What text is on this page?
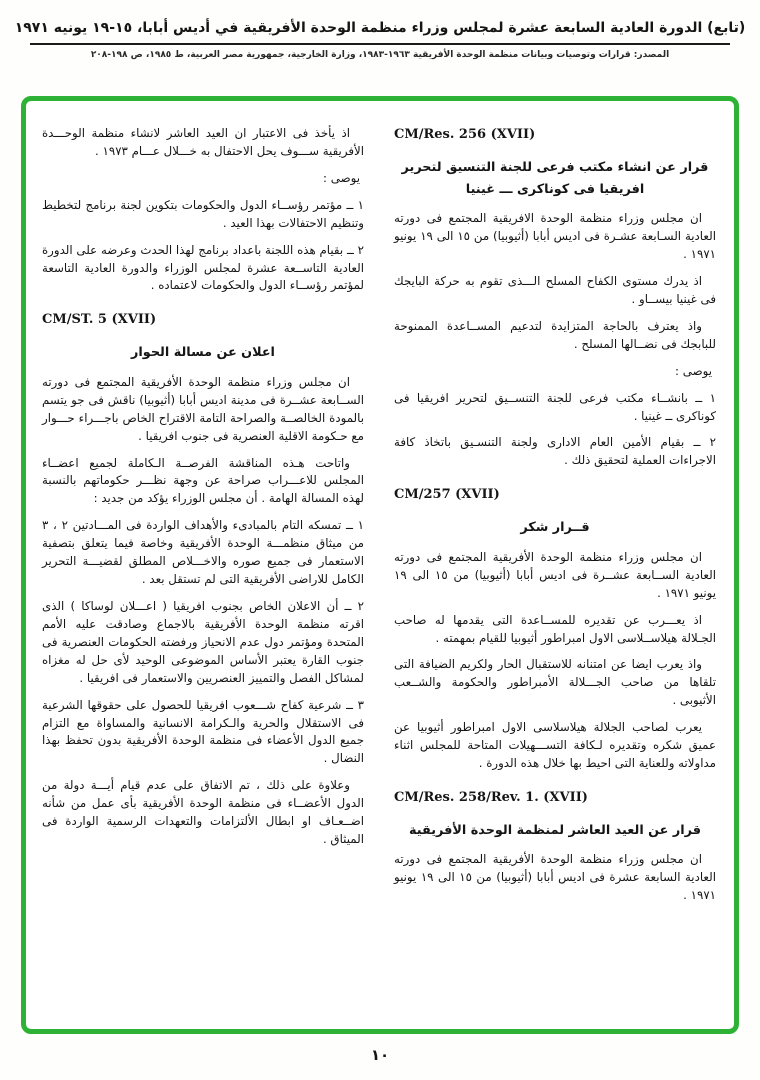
(تابع) الدورة العادية السابعة عشرة لمجلس وزراء منظمة الوحدة الأفريقية في أديس أبابا، ١٥-١٩ يونيه ١٩٧١
المصدر: قرارات وتوصيات وبيانات منظمة الوحدة الأفريقية ١٩٦٣-١٩٨٣، وزارة الخارجية، جمهورية مصر العربية، ط ١٩٨٥، ص ١٩٨-٢٠٨
CM/Res. 256 (XVII)
قرار عن انشاء مكتب فرعى للجنة التنسيق لتحرير افريقيا فى كوناكرى ـــ غينيا
ان مجلس وزراء منظمة الوحدة الافريقية المجتمع فى دورته العادية السـابعة عشـرة فى اديس أبابا (أثيوبيا) من ١٥ الى ١٩ يونيو ١٩٧١ .
اذ يدرك مستوى الكفاح المسلح الـــذى تقوم به حركة البايجك فى غينيا بيســاو .
واذ يعترف بالحاجة المتزايدة لتدعيم المســاعدة الممنوحة للبابجك فى نضــالها المسلح .
يوصى :
١ ــ بانشــاء مكتب فرعى للجنة التنســيق لتحرير افريقيا فى كوناكرى ــ غينيا .
٢ ــ بقيام الأمين العام الادارى ولجنة التنسـيق باتخاذ كافة الاجراءات العملية لتحقيق ذلك .
CM/257 (XVII)
قــرار شكر
ان مجلس وزراء منظمة الوحدة الأفريقية المجتمع فى دورته العادية الســابعة عشــرة فى اديس أبابا (أثيوبيا) من ١٥ الى ١٩ يونيو ١٩٧١ .
اذ يعـــرب عن تقديره للمســاعدة التى يقدمها له صاحب الجـلالة هيلاســلاسى الاول امبراطور أثيوبيا للقيام بمهمته .
واذ يعرب ايضا عن امتنانه للاستقبال الحار ولكريم الضيافة التى تلقاها من صاحب الجـــلالة الأمبراطور والحكومة والشــعب الأثيوبى .
يعرب لصاحب الجلالة هيلاسلاسى الاول امبراطور أثيوبيا عن عميق شكره وتقديره لـكافة التســـهيلات المتاحة للمجلس اثناء مداولاته وللعناية التى احيط بها خلال هذه الدورة .
CM/Res. 258/Rev. 1. (XVII)
قرار عن العيد العاشر لمنظمة الوحدة الأفريقية
ان مجلس وزراء منظمة الوحدة الأفريقية المجتمع فى دورته العادية السابعة عشرة فى اديس أبابا (أثيوبيا) من ١٥ الى ١٩ يونيو ١٩٧١ .
اذ يأخذ فى الاعتبار ان العيد العاشر لانشاء منظمة الوحـــدة الأفريقية ســـوف يحل الاحتفال به خـــلال عـــام ١٩٧٣ .
يوصى :
١ ــ مؤتمر رؤســاء الدول والحكومات بتكوين لجنة برنامج لتخطيط وتنظيم الاحتفالات بهذا العيد .
٢ ــ بقيام هذه اللجنة باعداد برنامج لهذا الحدث وعرضه على الدورة العادية التاســعة عشرة لمجلس الوزراء والدورة العادية التاسعة لمؤتمر رؤســاء الدول والحكومات لاعتماده .
CM/ST. 5 (XVII)
اعلان عن مسالة الحوار
ان مجلس وزراء منظمة الوحدة الأفريقية المجتمع فى دورته الســابعة عشــرة فى مدينة اديس أبابا (أثيوبيا) ناقش فى جو يتسم بالمودة الخالصــة والصراحة التامة الاقتراح الخاص باجـــراء حـــوار مع حـكومة الاقلية العنصرية فى جنوب افريقيا .
واتاحت هـذه المناقشة الفرصــة الـكاملة لجميع اعضــاء المجلس للاعـــراب صراحة عن وجهة نظـــر حكوماتهم بالنسبة لهذه المسالة الهامة . أن مجلس الوزراء يؤكد من جديد :
١ ــ تمسكه التام بالمبادىء والأهداف الواردة فى المـــادتين ٢ ، ٣ من ميثاق منظمـــة الوحدة الأفريقية وخاصة فيما يتعلق بتصفية الاستعمار فى جميع صوره والاخـــلاص المطلق لقضيـــة التحرير الكامل للاراضى الأفريقية التى لم تستقل بعد .
٢ ــ أن الاعلان الخاص بجنوب افريقيا ( اعـــلان لوساكا ) الذى اقرته منظمة الوحدة الأفريقية بالاجماع وصادقت عليه الأمم المتحدة ومؤتمر دول عدم الانحياز ورفضته الحكومات العنصرية فى جنوب القارة يعتبر الأساس الموضوعى الوحيد لأى حل له مغزاه لمشاكل الفصل والتمييز العنصريين والاستعمار فى افريقيا .
٣ ــ شرعية كفاح شـــعوب افريقيا للحصول على حقوقها الشرعية فى الاستقلال والحرية والـكرامة الانسانية والمساواة مع التزام جميع الدول الأعضاء فى منظمة الوحدة الأفريقية بدون تحفظ بهذا النضال .
وعلاوة على ذلك ، تم الاتفاق على عدم قيام أيـــة دولة من الدول الأعضــاء فى منظمة الوحدة الأفريقية بأى عمل من شأنه اضــعـاف او ابطال الألتزامات والتعهدات الرسمية الواردة فى الميثاق .
١٠
